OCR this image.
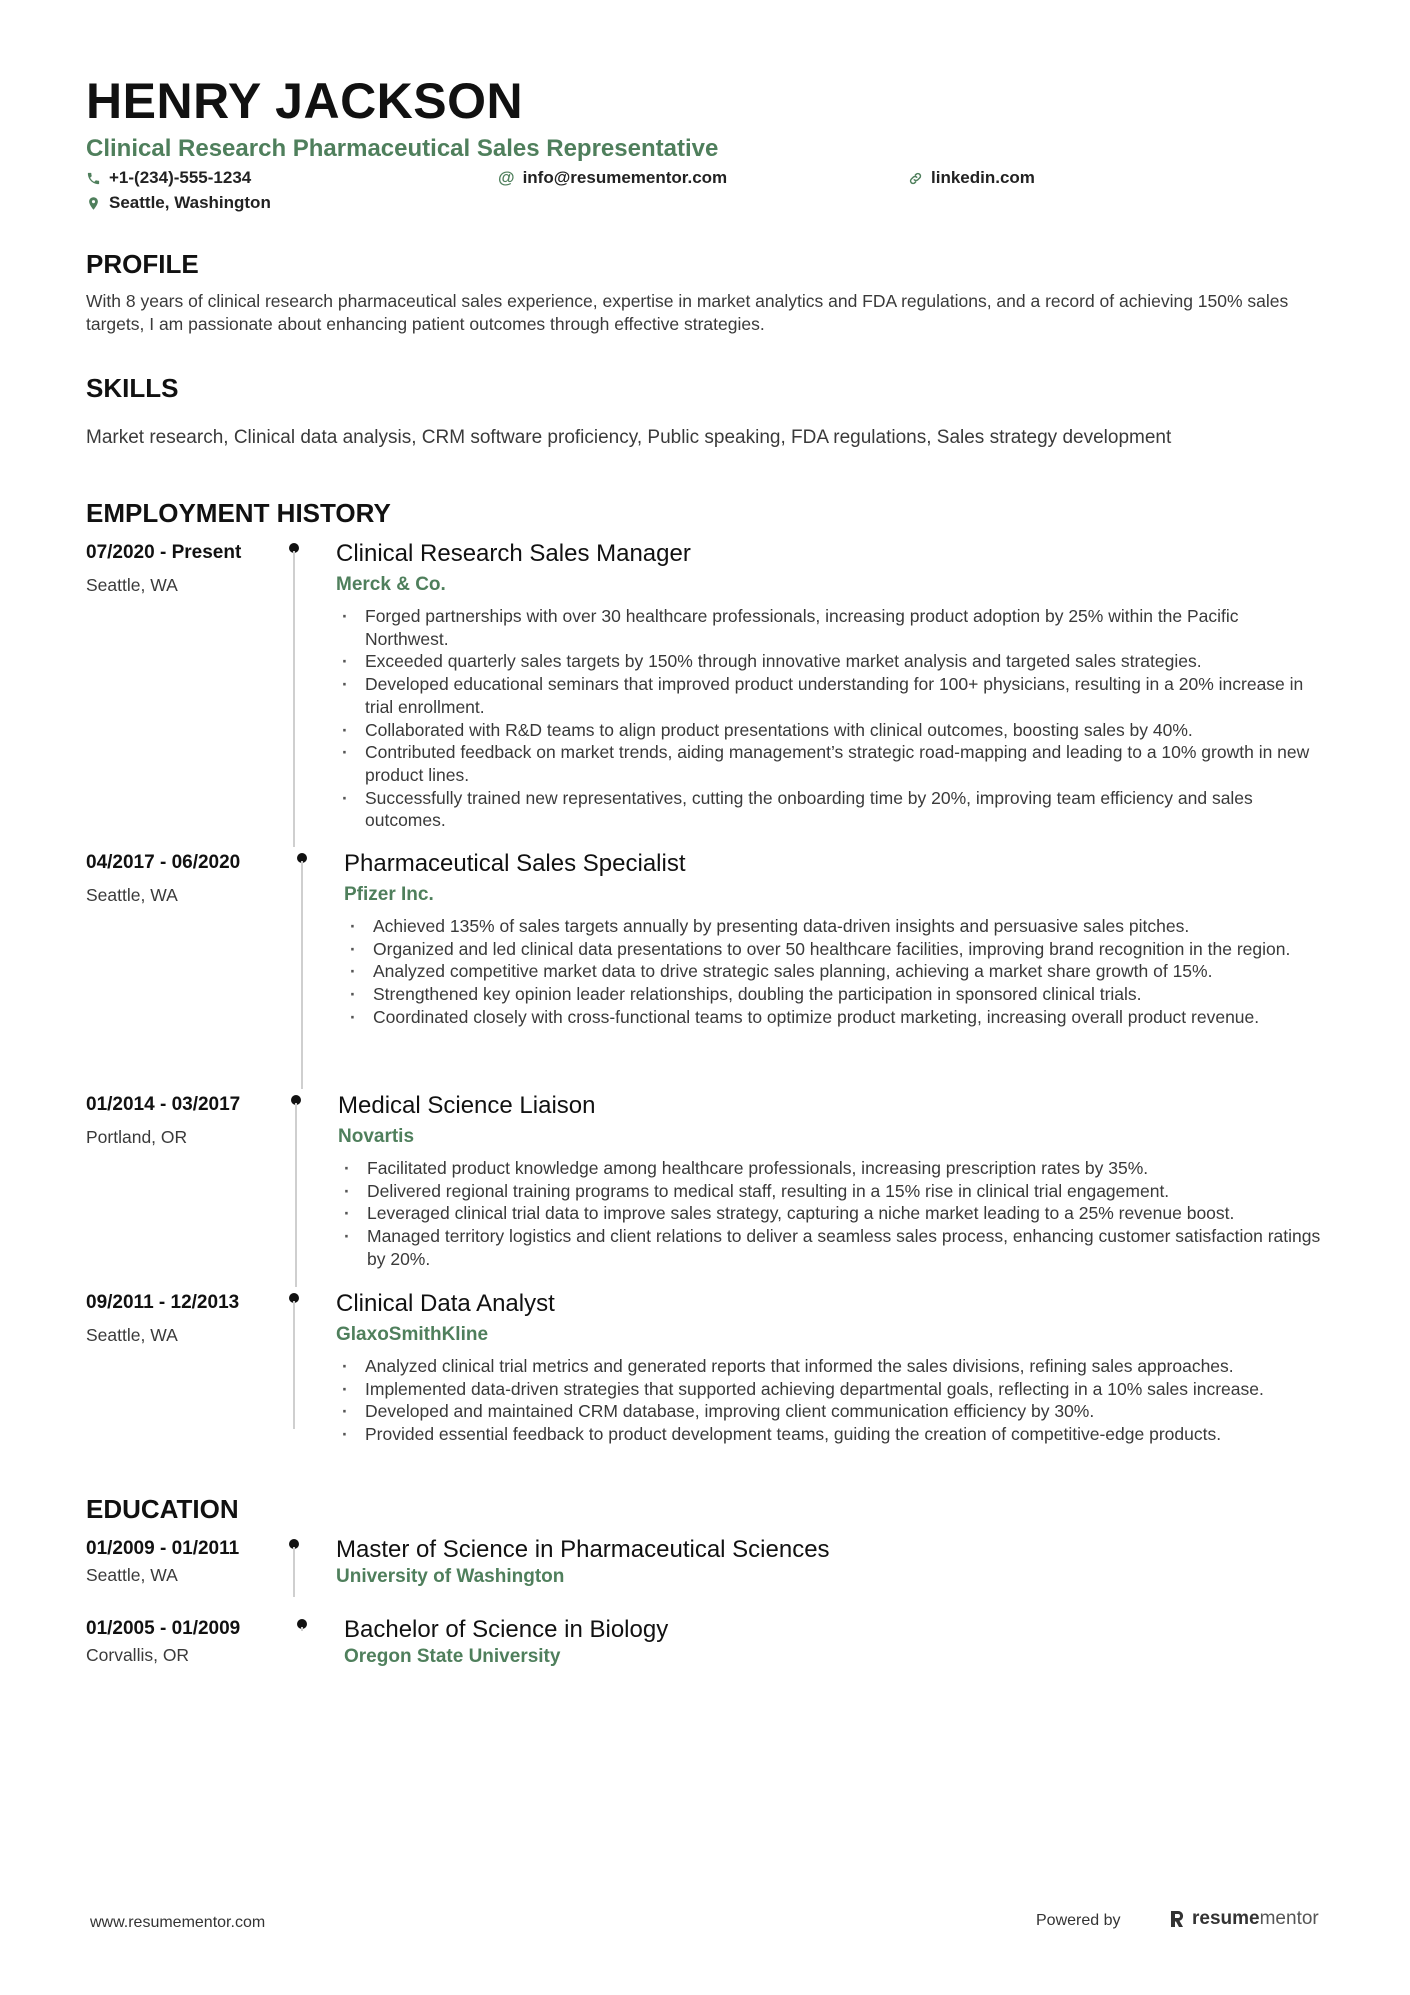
HENRY JACKSON
Clinical Research Pharmaceutical Sales Representative
+1-(234)-555-1234	@ info@resumementor.com	linkedin.com
Seattle, Washington
PROFILE
With 8 years of clinical research pharmaceutical sales experience, expertise in market analytics and FDA regulations, and a record of achieving 150% sales targets, I am passionate about enhancing patient outcomes through effective strategies.
SKILLS
Market research, Clinical data analysis, CRM software proficiency, Public speaking, FDA regulations, Sales strategy development
EMPLOYMENT HISTORY
07/2020 - Present
Seattle, WA
Clinical Research Sales Manager
Merck & Co.
· Forged partnerships with over 30 healthcare professionals, increasing product adoption by 25% within the Pacific Northwest.
· Exceeded quarterly sales targets by 150% through innovative market analysis and targeted sales strategies.
· Developed educational seminars that improved product understanding for 100+ physicians, resulting in a 20% increase in trial enrollment.
· Collaborated with R&D teams to align product presentations with clinical outcomes, boosting sales by 40%.
· Contributed feedback on market trends, aiding management’s strategic road-mapping and leading to a 10% growth in new product lines.
· Successfully trained new representatives, cutting the onboarding time by 20%, improving team efficiency and sales outcomes.
04/2017 - 06/2020
Seattle, WA
Pharmaceutical Sales Specialist
Pfizer Inc.
· Achieved 135% of sales targets annually by presenting data-driven insights and persuasive sales pitches.
· Organized and led clinical data presentations to over 50 healthcare facilities, improving brand recognition in the region.
· Analyzed competitive market data to drive strategic sales planning, achieving a market share growth of 15%.
· Strengthened key opinion leader relationships, doubling the participation in sponsored clinical trials.
· Coordinated closely with cross-functional teams to optimize product marketing, increasing overall product revenue.
01/2014 - 03/2017
Portland, OR
Medical Science Liaison
Novartis
· Facilitated product knowledge among healthcare professionals, increasing prescription rates by 35%.
· Delivered regional training programs to medical staff, resulting in a 15% rise in clinical trial engagement.
· Leveraged clinical trial data to improve sales strategy, capturing a niche market leading to a 25% revenue boost.
· Managed territory logistics and client relations to deliver a seamless sales process, enhancing customer satisfaction ratings by 20%.
09/2011 - 12/2013
Seattle, WA
Clinical Data Analyst
GlaxoSmithKline
· Analyzed clinical trial metrics and generated reports that informed the sales divisions, refining sales approaches.
· Implemented data-driven strategies that supported achieving departmental goals, reflecting in a 10% sales increase.
· Developed and maintained CRM database, improving client communication efficiency by 30%.
· Provided essential feedback to product development teams, guiding the creation of competitive-edge products.
EDUCATION
01/2009 - 01/2011
Seattle, WA
Master of Science in Pharmaceutical Sciences
University of Washington
01/2005 - 01/2009
Corvallis, OR
Bachelor of Science in Biology
Oregon State University
www.resumementor.com	Powered by	resume mentor
